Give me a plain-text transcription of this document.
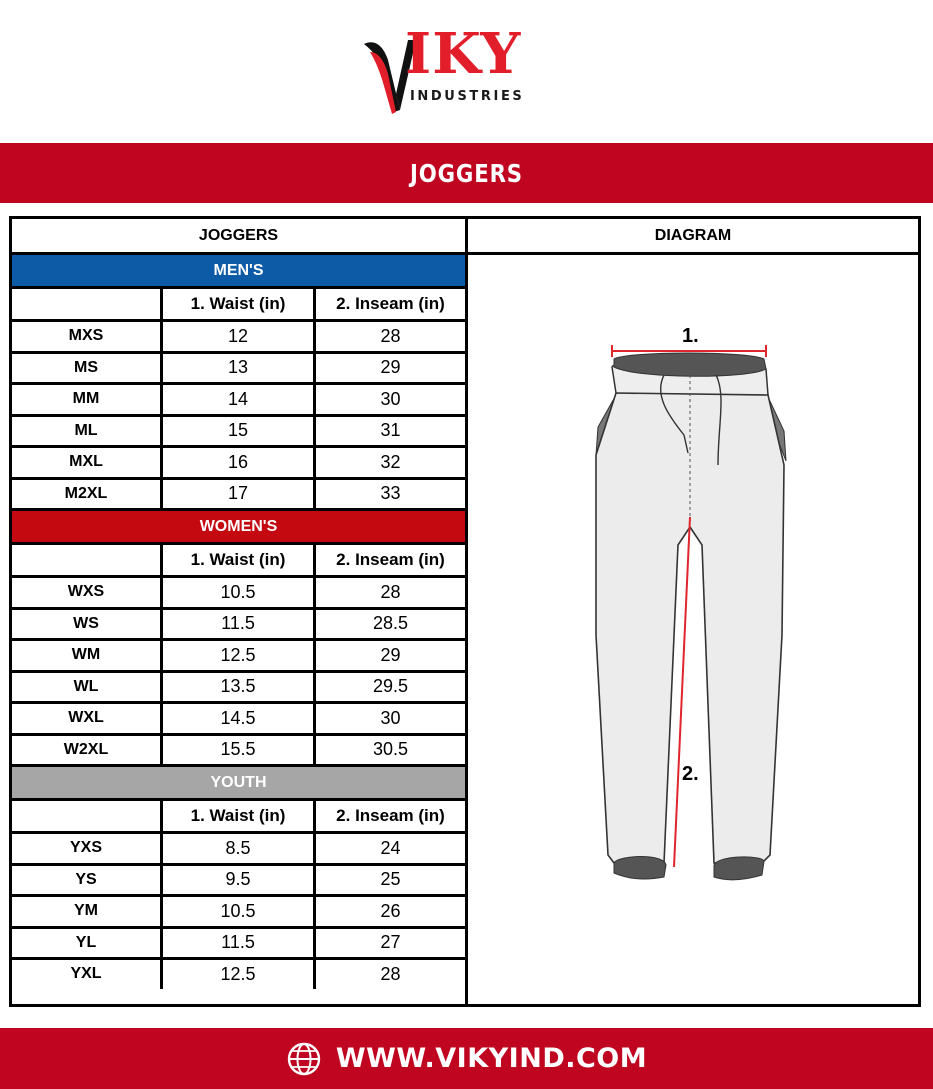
IKY
INDUSTRIES
JOGGERS
JOGGERS	DIAGRAM
1.
2.
MEN'S
1. Waist (in)	2. Inseam (in)
MXS	12	28
MS	13	29
MM	14	30
ML	15	31
MXL	16	32
M2XL	17	33
WOMEN'S
1. Waist (in)	2. Inseam (in)
WXS	10.5	28
WS	11.5	28.5
WM	12.5	29
WL	13.5	29.5
WXL	14.5	30
W2XL	15.5	30.5
YOUTH
1. Waist (in)	2. Inseam (in)
YXS	8.5	24
YS	9.5	25
YM	10.5	26
YL	11.5	27
YXL	12.5	28
WWW.VIKYIND.COM
